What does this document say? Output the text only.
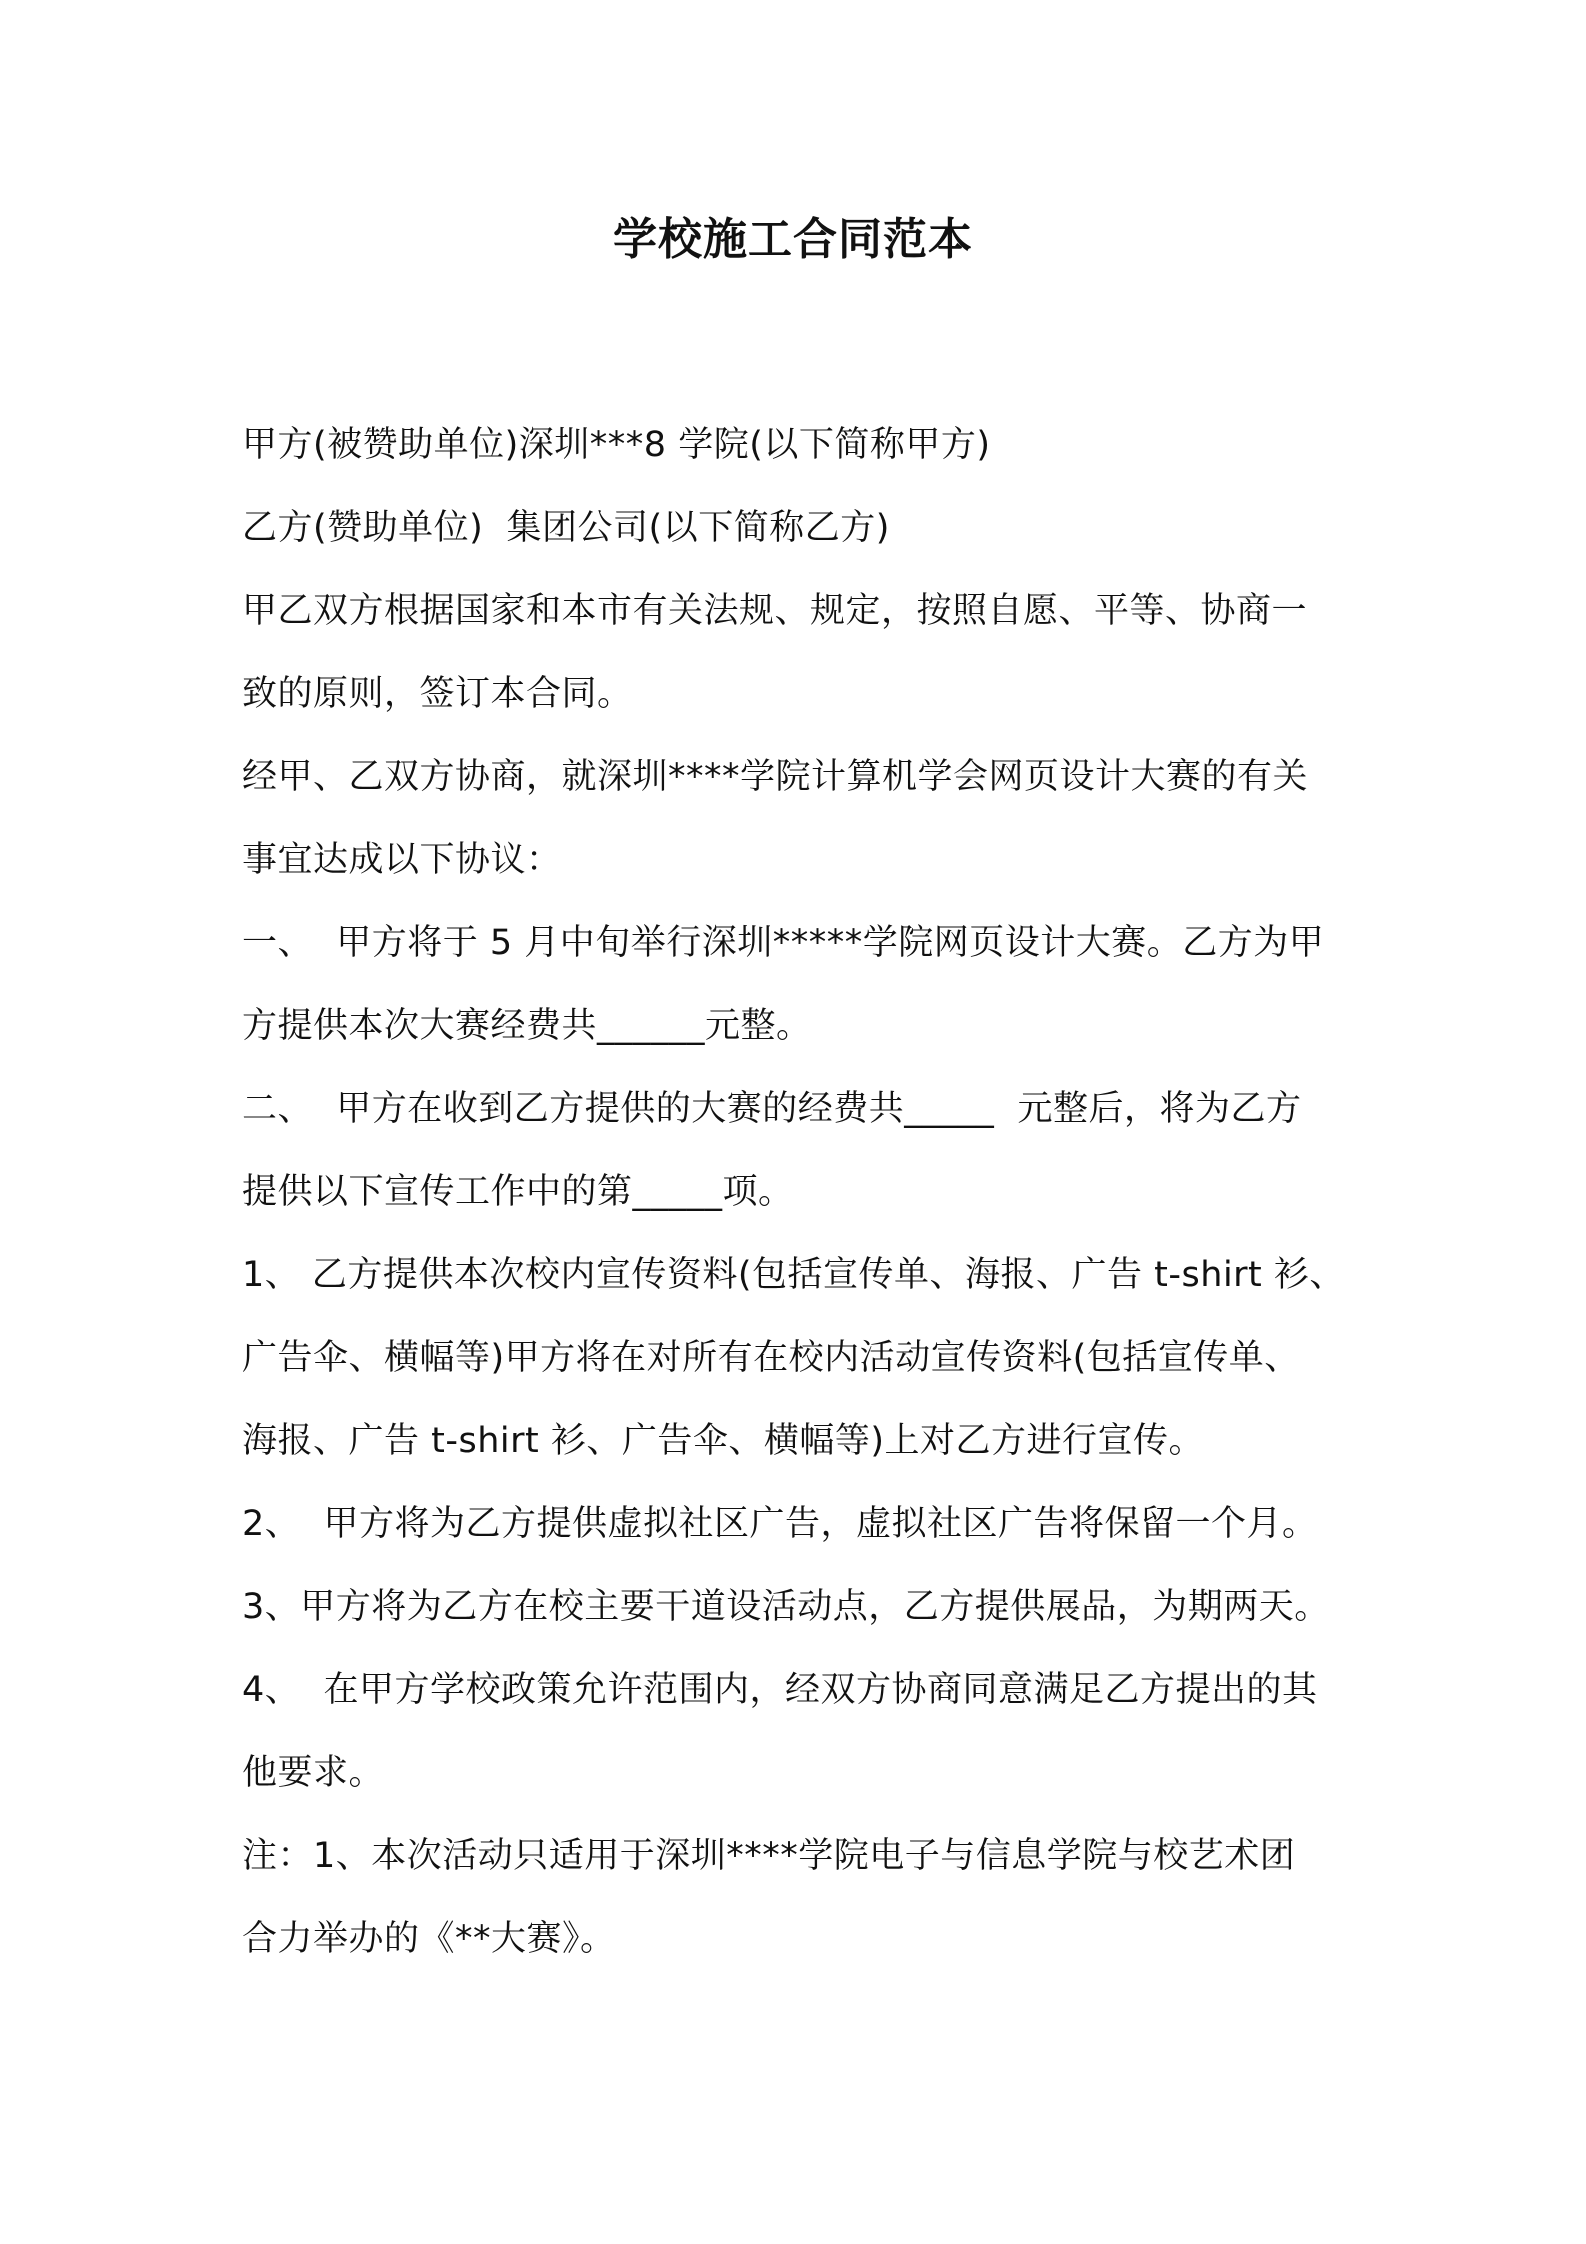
学校施工合同范本
甲方(被赞助单位)深圳***8 学院(以下简称甲方)
乙方(赞助单位)  集团公司(以下简称乙方)
甲乙双方根据国家和本市有关法规、规定，按照自愿、平等、协商一
致的原则，签订本合同。
经甲、乙双方协商，就深圳****学院计算机学会网页设计大赛的有关
事宜达成以下协议：
一、  甲方将于 5 月中旬举行深圳*****学院网页设计大赛。乙方为甲
方提供本次大赛经费共______元整。
二、  甲方在收到乙方提供的大赛的经费共_____  元整后，将为乙方
提供以下宣传工作中的第_____项。
1、 乙方提供本次校内宣传资料(包括宣传单、海报、广告 t-shirt 衫、
广告伞、横幅等)甲方将在对所有在校内活动宣传资料(包括宣传单、
海报、广告 t-shirt 衫、广告伞、横幅等)上对乙方进行宣传。
2、  甲方将为乙方提供虚拟社区广告，虚拟社区广告将保留一个月。
3、甲方将为乙方在校主要干道设活动点，乙方提供展品，为期两天。
4、  在甲方学校政策允许范围内，经双方协商同意满足乙方提出的其
他要求。
注：1、本次活动只适用于深圳****学院电子与信息学院与校艺术团
合力举办的《**大赛》。
